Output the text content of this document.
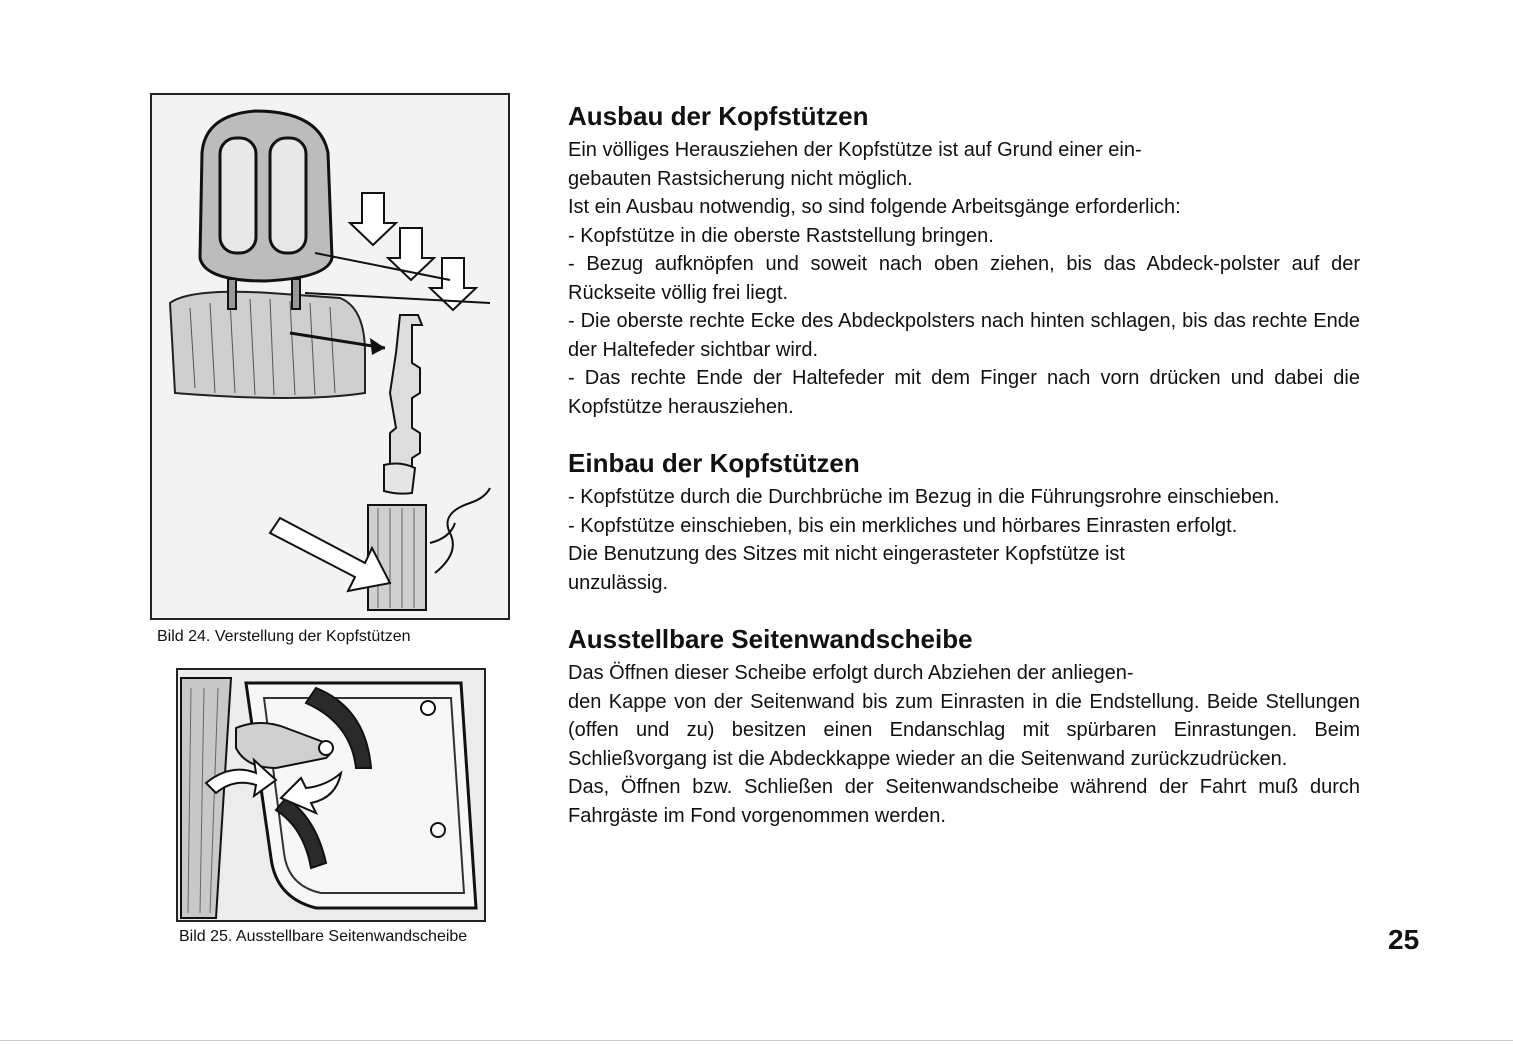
Bild 24. Verstellung der Kopfstützen

Bild 25. Ausstellbare Seitenwandscheibe

Ausbau der Kopfstützen

Ein völliges Herausziehen der Kopfstütze ist auf Grund einer ein-

gebauten Rastsicherung nicht möglich.

Ist ein Ausbau notwendig, so sind folgende Arbeitsgänge erforderlich:

- Kopfstütze in die oberste Raststellung bringen.

- Bezug aufknöpfen und soweit nach oben ziehen, bis das Abdeck-polster auf der Rückseite völlig frei liegt.

- Die oberste rechte Ecke des Abdeckpolsters nach hinten schlagen, bis das rechte Ende der Haltefeder sichtbar wird.

- Das rechte Ende der Haltefeder mit dem Finger nach vorn drücken und dabei die Kopfstütze herausziehen.

Einbau der Kopfstützen

- Kopfstütze durch die Durchbrüche im Bezug in die Führungsrohre einschieben.

- Kopfstütze einschieben, bis ein merkliches und hörbares Einrasten erfolgt.

Die Benutzung des Sitzes mit nicht eingerasteter Kopfstütze ist

unzulässig.

Ausstellbare Seitenwandscheibe

Das Öffnen dieser Scheibe erfolgt durch Abziehen der anliegen-

den Kappe von der Seitenwand bis zum Einrasten in die Endstellung. Beide Stellungen (offen und zu) besitzen einen Endanschlag mit spürbaren Einrastungen. Beim Schließvorgang ist die Abdeckkappe wieder an die Seitenwand zurückzudrücken.

Das, Öffnen bzw. Schließen der Seitenwandscheibe während der Fahrt muß durch Fahrgäste im Fond vorgenommen werden.

25
